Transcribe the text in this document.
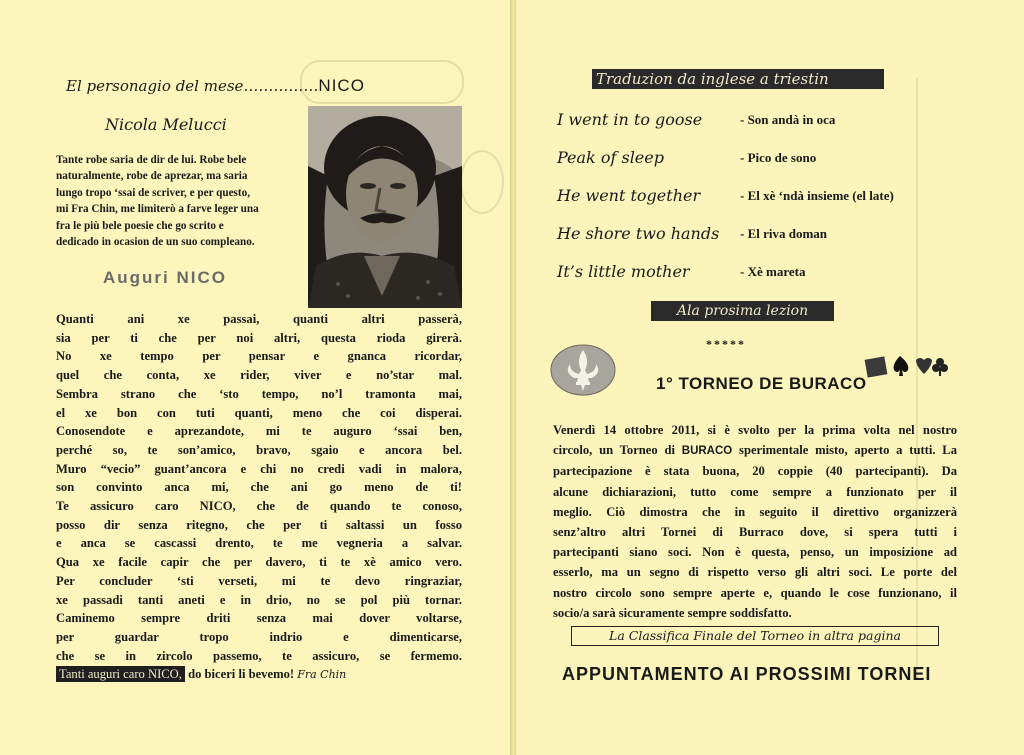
El personagio del mese……………NICO
Nicola Melucci
Tante robe saria de dir de lui. Robe bele
naturalmente, robe de aprezar, ma saria
lungo tropo ‘ssai de scriver, e per questo,
mi Fra Chin, me limiterò a farve leger una
fra le più bele poesie che go scrito e
dedicado in ocasion de un suo compleano.
Auguri NICO
Quanti ani xe passai, quanti altri passerà,
sia per ti che per noi altri, questa rioda girerà.
No xe tempo per pensar e gnanca ricordar,
quel che conta, xe rider, viver e no’star mal.
Sembra strano che ‘sto tempo, no’l tramonta mai,
el xe bon con tuti quanti, meno che coi disperai.
Conosendote e aprezandote, mi te auguro ‘ssai ben,
perché so, te son’amico, bravo, sgaio e ancora bel.
Muro “vecio” guant’ancora e chi no credi vadi in malora,
son convinto anca mi, che ani go meno de ti!
Te assicuro caro NICO, che de quando te conoso,
posso dir senza ritegno, che per ti saltassi un fosso
e anca se cascassi drento, te me vegneria a salvar.
Qua xe facile capir che per davero, ti te xè amico vero.
Per concluder ‘sti verseti, mi te devo ringraziar,
xe passadi tanti aneti e in drio, no se pol più tornar.
Caminemo sempre driti senza mai dover voltarse,
per guardar tropo indrio e dimenticarse,
che se in zircolo passemo, te assicuro, se fermemo.
Tanti auguri caro NICO, do biceri li bevemo! Fra Chin
Traduzion da inglese a triestin
I went in to goose	- Son andà in oca
Peak of sleep	- Pico de sono
He went together	- El xè ‘ndà insieme (el late)
He shore two hands - El riva doman
It’s little mother	- Xè mareta
Ala prosima lezion
*****
1° TORNEO DE BURACO
Venerdì 14 ottobre 2011, si è svolto per la prima volta nel nostro
circolo, un Torneo di BURACO sperimentale misto, aperto a tutti. La
partecipazione è stata buona, 20 coppie (40 partecipanti). Da
alcune dichiarazioni, tutto come sempre a funzionato per il
meglio. Ciò dimostra che in seguito il direttivo organizzerà
senz’altro altri Tornei di Burraco dove, si spera tutti i
partecipanti siano soci. Non è questa, penso, un imposizione ad
esserlo, ma un segno di rispetto verso gli altri soci. Le porte del
nostro circolo sono sempre aperte e, quando le cose funzionano, il
socio/a sarà sicuramente sempre soddisfatto.
La Classifica Finale del Torneo in altra pagina
APPUNTAMENTO AI PROSSIMI TORNEI
